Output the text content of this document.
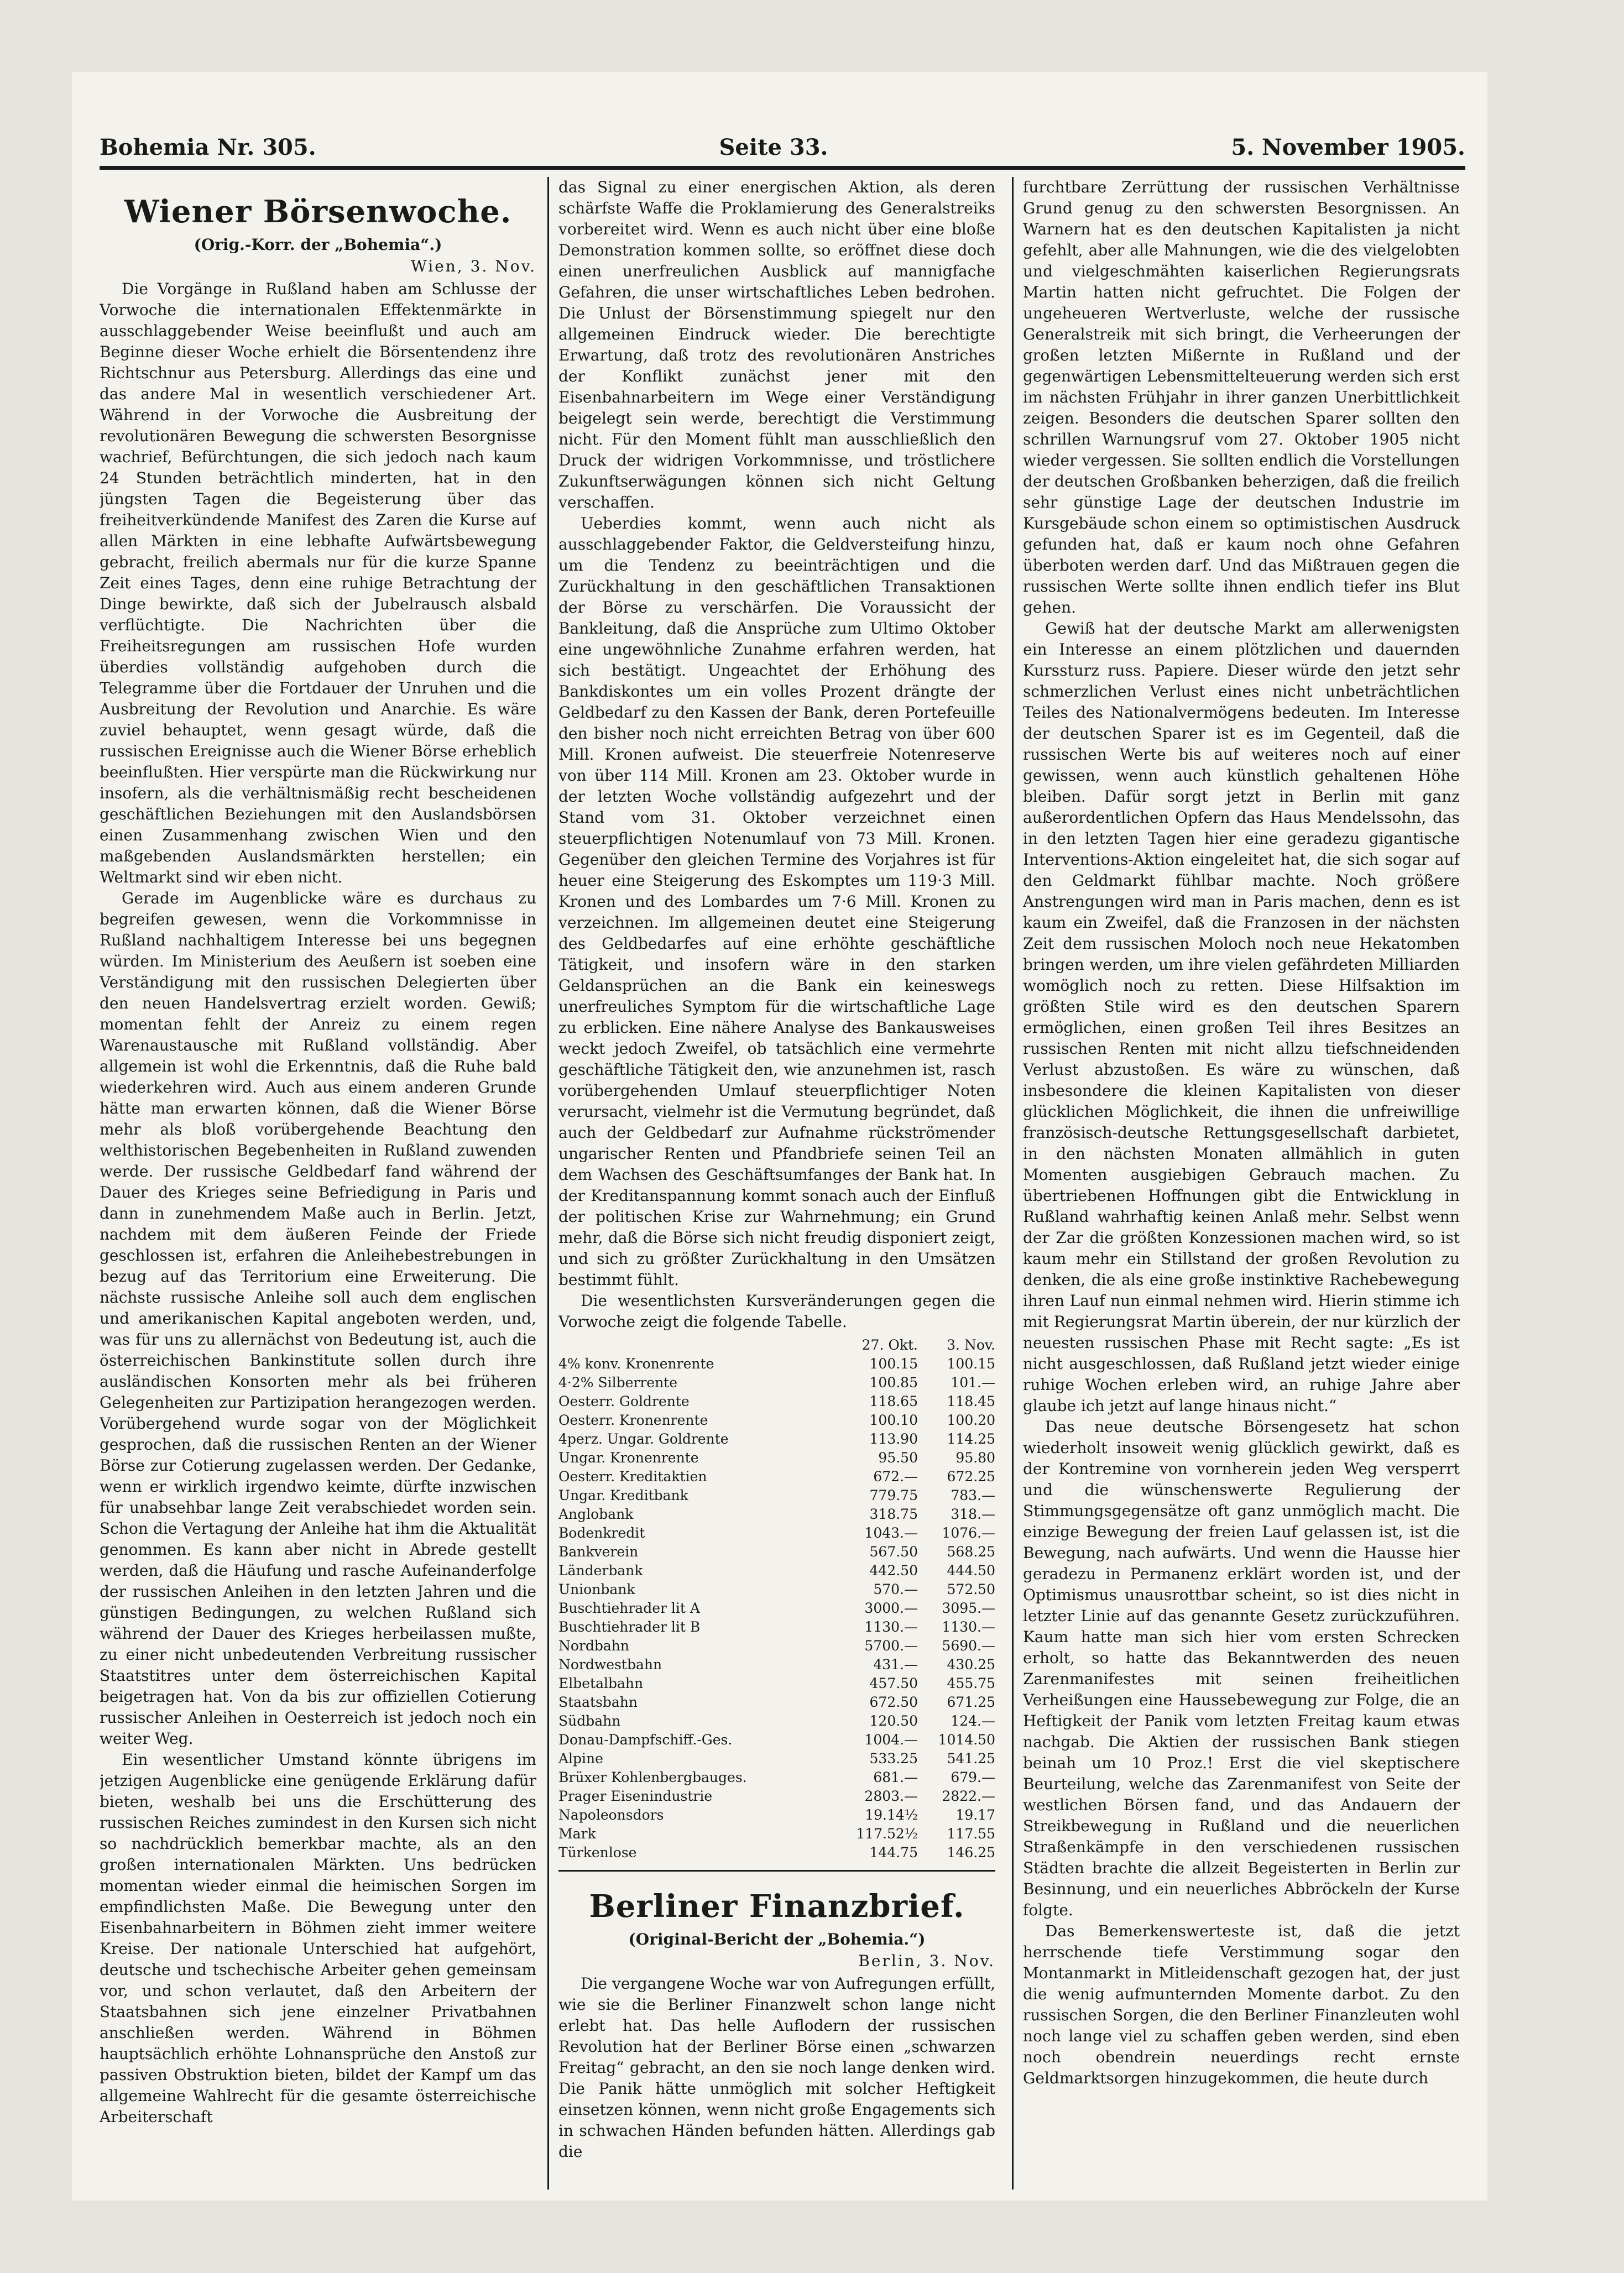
Bohemia Nr. 305.	Seite 33.	5. November 1905.
Wiener Börsenwoche.
(Orig.-Korr. der „Bohemia“.)
Wien, 3. Nov.

Die Vorgänge in Rußland haben am Schlusse der Vorwoche die internationalen Effektenmärkte in ausschlaggebender Weise beeinflußt und auch am Beginne dieser Woche erhielt die Börsentendenz ihre Richtschnur aus Petersburg. Allerdings das eine und das andere Mal in wesentlich verschiedener Art. Während in der Vorwoche die Ausbreitung der revolutionären Bewegung die schwersten Besorgnisse wachrief, Befürchtungen, die sich jedoch nach kaum 24 Stunden beträchtlich minderten, hat in den jüngsten Tagen die Begeisterung über das freiheitverkündende Manifest des Zaren die Kurse auf allen Märkten in eine lebhafte Aufwärtsbewegung gebracht, freilich abermals nur für die kurze Spanne Zeit eines Tages, denn eine ruhige Betrachtung der Dinge bewirkte, daß sich der Jubelrausch alsbald verflüchtigte. Die Nachrichten über die Freiheitsregungen am russischen Hofe wurden überdies vollständig aufgehoben durch die Telegramme über die Fortdauer der Unruhen und die Ausbreitung der Revolution und Anarchie. Es wäre zuviel behauptet, wenn gesagt würde, daß die russischen Ereignisse auch die Wiener Börse erheblich beeinflußten. Hier verspürte man die Rückwirkung nur insofern, als die verhältnismäßig recht bescheidenen geschäftlichen Beziehungen mit den Auslandsbörsen einen Zusammenhang zwischen Wien und den maßgebenden Auslandsmärkten herstellen; ein Weltmarkt sind wir eben nicht.

Gerade im Augenblicke wäre es durchaus zu begreifen gewesen, wenn die Vorkommnisse in Rußland nachhaltigem Interesse bei uns begegnen würden. Im Ministerium des Aeußern ist soeben eine Verständigung mit den russischen Delegierten über den neuen Handelsvertrag erzielt worden. Gewiß; momentan fehlt der Anreiz zu einem regen Warenaustausche mit Rußland vollständig. Aber allgemein ist wohl die Erkenntnis, daß die Ruhe bald wiederkehren wird. Auch aus einem anderen Grunde hätte man erwarten können, daß die Wiener Börse mehr als bloß vorübergehende Beachtung den welthistorischen Begebenheiten in Rußland zuwenden werde. Der russische Geldbedarf fand während der Dauer des Krieges seine Befriedigung in Paris und dann in zunehmendem Maße auch in Berlin. Jetzt, nachdem mit dem äußeren Feinde der Friede geschlossen ist, erfahren die Anleihebestrebungen in bezug auf das Territorium eine Erweiterung. Die nächste russische Anleihe soll auch dem englischen und amerikanischen Kapital angeboten werden, und, was für uns zu allernächst von Bedeutung ist, auch die österreichischen Bankinstitute sollen durch ihre ausländischen Konsorten mehr als bei früheren Gelegenheiten zur Partizipation herangezogen werden. Vorübergehend wurde sogar von der Möglichkeit gesprochen, daß die russischen Renten an der Wiener Börse zur Cotierung zugelassen werden. Der Gedanke, wenn er wirklich irgendwo keimte, dürfte inzwischen für unabsehbar lange Zeit verabschiedet worden sein. Schon die Vertagung der Anleihe hat ihm die Aktualität genommen. Es kann aber nicht in Abrede gestellt werden, daß die Häufung und rasche Aufeinanderfolge der russischen Anleihen in den letzten Jahren und die günstigen Bedingungen, zu welchen Rußland sich während der Dauer des Krieges herbeilassen mußte, zu einer nicht unbedeutenden Verbreitung russischer Staatstitres unter dem österreichischen Kapital beigetragen hat. Von da bis zur offiziellen Cotierung russischer Anleihen in Oesterreich ist jedoch noch ein weiter Weg.

Ein wesentlicher Umstand könnte übrigens im jetzigen Augenblicke eine genügende Erklärung dafür bieten, weshalb bei uns die Erschütterung des russischen Reiches zumindest in den Kursen sich nicht so nachdrücklich bemerkbar machte, als an den großen internationalen Märkten. Uns bedrücken momentan wieder einmal die heimischen Sorgen im empfindlichsten Maße. Die Bewegung unter den Eisenbahnarbeitern in Böhmen zieht immer weitere Kreise. Der nationale Unterschied hat aufgehört, deutsche und tschechische Arbeiter gehen gemeinsam vor, und schon verlautet, daß den Arbeitern der Staatsbahnen sich jene einzelner Privatbahnen anschließen werden. Während in Böhmen hauptsächlich erhöhte Lohnansprüche den Anstoß zur passiven Obstruktion bieten, bildet der Kampf um das allgemeine Wahlrecht für die gesamte österreichische Arbeiterschaft

das Signal zu einer energischen Aktion, als deren schärfste Waffe die Proklamierung des Generalstreiks vorbereitet wird. Wenn es auch nicht über eine bloße Demonstration kommen sollte, so eröffnet diese doch einen unerfreulichen Ausblick auf mannigfache Gefahren, die unser wirtschaftliches Leben bedrohen. Die Unlust der Börsenstimmung spiegelt nur den allgemeinen Eindruck wieder. Die berechtigte Erwartung, daß trotz des revolutionären Anstriches der Konflikt zunächst jener mit den Eisenbahnarbeitern im Wege einer Verständigung beigelegt sein werde, berechtigt die Verstimmung nicht. Für den Moment fühlt man ausschließlich den Druck der widrigen Vorkommnisse, und tröstlichere Zukunftserwägungen können sich nicht Geltung verschaffen.

Ueberdies kommt, wenn auch nicht als ausschlaggebender Faktor, die Geldversteifung hinzu, um die Tendenz zu beeinträchtigen und die Zurückhaltung in den geschäftlichen Transaktionen der Börse zu verschärfen. Die Voraussicht der Bankleitung, daß die Ansprüche zum Ultimo Oktober eine ungewöhnliche Zunahme erfahren werden, hat sich bestätigt. Ungeachtet der Erhöhung des Bankdiskontes um ein volles Prozent drängte der Geldbedarf zu den Kassen der Bank, deren Portefeuille den bisher noch nicht erreichten Betrag von über 600 Mill. Kronen aufweist. Die steuerfreie Notenreserve von über 114 Mill. Kronen am 23. Oktober wurde in der letzten Woche vollständig aufgezehrt und der Stand vom 31. Oktober verzeichnet einen steuerpflichtigen Notenumlauf von 73 Mill. Kronen. Gegenüber den gleichen Termine des Vorjahres ist für heuer eine Steigerung des Eskomptes um 119·3 Mill. Kronen und des Lombardes um 7·6 Mill. Kronen zu verzeichnen. Im allgemeinen deutet eine Steigerung des Geldbedarfes auf eine erhöhte geschäftliche Tätigkeit, und insofern wäre in den starken Geldansprüchen an die Bank ein keineswegs unerfreuliches Symptom für die wirtschaftliche Lage zu erblicken. Eine nähere Analyse des Bankausweises weckt jedoch Zweifel, ob tatsächlich eine vermehrte geschäftliche Tätigkeit den, wie anzunehmen ist, rasch vorübergehenden Umlauf steuerpflichtiger Noten verursacht, vielmehr ist die Vermutung begründet, daß auch der Geldbedarf zur Aufnahme rückströmender ungarischer Renten und Pfandbriefe seinen Teil an dem Wachsen des Geschäftsumfanges der Bank hat. In der Kreditanspannung kommt sonach auch der Einfluß der politischen Krise zur Wahrnehmung; ein Grund mehr, daß die Börse sich nicht freudig disponiert zeigt, und sich zu größter Zurückhaltung in den Umsätzen bestimmt fühlt.

Die wesentlichsten Kursveränderungen gegen die Vorwoche zeigt die folgende Tabelle.

	27. Okt.	3. Nov.
4% konv. Kronenrente	100.15	100.15
4·2% Silberrente	100.85	101.—
Oesterr. Goldrente	118.65	118.45
Oesterr. Kronenrente	100.10	100.20
4perz. Ungar. Goldrente	113.90	114.25
Ungar. Kronenrente	95.50	95.80
Oesterr. Kreditaktien	672.—	672.25
Ungar. Kreditbank	779.75	783.—
Anglobank	318.75	318.—
Bodenkredit	1043.—	1076.—
Bankverein	567.50	568.25
Länderbank	442.50	444.50
Unionbank	570.—	572.50
Buschtiehrader lit A	3000.—	3095.—
Buschtiehrader lit B	1130.—	1130.—
Nordbahn	5700.—	5690.—
Nordwestbahn	431.—	430.25
Elbetalbahn	457.50	455.75
Staatsbahn	672.50	671.25
Südbahn	120.50	124.—
Donau-Dampfschiff.-Ges.	1004.—	1014.50
Alpine	533.25	541.25
Brüxer Kohlenbergbauges.	681.—	679.—
Prager Eisenindustrie	2803.—	2822.—
Napoleonsdors	19.14½	19.17
Mark	117.52½	117.55
Türkenlose	144.75	146.25
Berliner Finanzbrief.
(Original-Bericht der „Bohemia.“)
Berlin, 3. Nov.

Die vergangene Woche war von Aufregungen erfüllt, wie sie die Berliner Finanzwelt schon lange nicht erlebt hat. Das helle Auflodern der russischen Revolution hat der Berliner Börse einen „schwarzen Freitag“ gebracht, an den sie noch lange denken wird. Die Panik hätte unmöglich mit solcher Heftigkeit einsetzen können, wenn nicht große Engagements sich in schwachen Händen befunden hätten. Allerdings gab die

furchtbare Zerrüttung der russischen Verhältnisse Grund genug zu den schwersten Besorgnissen. An Warnern hat es den deutschen Kapitalisten ja nicht gefehlt, aber alle Mahnungen, wie die des vielgelobten und vielgeschmähten kaiserlichen Regierungsrats Martin hatten nicht gefruchtet. Die Folgen der ungeheueren Wertverluste, welche der russische Generalstreik mit sich bringt, die Verheerungen der großen letzten Mißernte in Rußland und der gegenwärtigen Lebensmittelteuerung werden sich erst im nächsten Frühjahr in ihrer ganzen Unerbittlichkeit zeigen. Besonders die deutschen Sparer sollten den schrillen Warnungsruf vom 27. Oktober 1905 nicht wieder vergessen. Sie sollten endlich die Vorstellungen der deutschen Großbanken beherzigen, daß die freilich sehr günstige Lage der deutschen Industrie im Kursgebäude schon einem so optimistischen Ausdruck gefunden hat, daß er kaum noch ohne Gefahren überboten werden darf. Und das Mißtrauen gegen die russischen Werte sollte ihnen endlich tiefer ins Blut gehen.

Gewiß hat der deutsche Markt am allerwenigsten ein Interesse an einem plötzlichen und dauernden Kurssturz russ. Papiere. Dieser würde den jetzt sehr schmerzlichen Verlust eines nicht unbeträchtlichen Teiles des Nationalvermögens bedeuten. Im Interesse der deutschen Sparer ist es im Gegenteil, daß die russischen Werte bis auf weiteres noch auf einer gewissen, wenn auch künstlich gehaltenen Höhe bleiben. Dafür sorgt jetzt in Berlin mit ganz außerordentlichen Opfern das Haus Mendelssohn, das in den letzten Tagen hier eine geradezu gigantische Interventions-Aktion eingeleitet hat, die sich sogar auf den Geldmarkt fühlbar machte. Noch größere Anstrengungen wird man in Paris machen, denn es ist kaum ein Zweifel, daß die Franzosen in der nächsten Zeit dem russischen Moloch noch neue Hekatomben bringen werden, um ihre vielen gefährdeten Milliarden womöglich noch zu retten. Diese Hilfsaktion im größten Stile wird es den deutschen Sparern ermöglichen, einen großen Teil ihres Besitzes an russischen Renten mit nicht allzu tiefschneidenden Verlust abzustoßen. Es wäre zu wünschen, daß insbesondere die kleinen Kapitalisten von dieser glücklichen Möglichkeit, die ihnen die unfreiwillige französisch-deutsche Rettungsgesellschaft darbietet, in den nächsten Monaten allmählich in guten Momenten ausgiebigen Gebrauch machen. Zu übertriebenen Hoffnungen gibt die Entwicklung in Rußland wahrhaftig keinen Anlaß mehr. Selbst wenn der Zar die größten Konzessionen machen wird, so ist kaum mehr ein Stillstand der großen Revolution zu denken, die als eine große instinktive Rachebewegung ihren Lauf nun einmal nehmen wird. Hierin stimme ich mit Regierungsrat Martin überein, der nur kürzlich der neuesten russischen Phase mit Recht sagte: „Es ist nicht ausgeschlossen, daß Rußland jetzt wieder einige ruhige Wochen erleben wird, an ruhige Jahre aber glaube ich jetzt auf lange hinaus nicht.“

Das neue deutsche Börsengesetz hat schon wiederholt insoweit wenig glücklich gewirkt, daß es der Kontremine von vornherein jeden Weg versperrt und die wünschenswerte Regulierung der Stimmungsgegensätze oft ganz unmöglich macht. Die einzige Bewegung der freien Lauf gelassen ist, ist die Bewegung, nach aufwärts. Und wenn die Hausse hier geradezu in Permanenz erklärt worden ist, und der Optimismus unausrottbar scheint, so ist dies nicht in letzter Linie auf das genannte Gesetz zurückzuführen. Kaum hatte man sich hier vom ersten Schrecken erholt, so hatte das Bekanntwerden des neuen Zarenmanifestes mit seinen freiheitlichen Verheißungen eine Haussebewegung zur Folge, die an Heftigkeit der Panik vom letzten Freitag kaum etwas nachgab. Die Aktien der russischen Bank stiegen beinah um 10 Proz.! Erst die viel skeptischere Beurteilung, welche das Zarenmanifest von Seite der westlichen Börsen fand, und das Andauern der Streikbewegung in Rußland und die neuerlichen Straßenkämpfe in den verschiedenen russischen Städten brachte die allzeit Begeisterten in Berlin zur Besinnung, und ein neuerliches Abbröckeln der Kurse folgte.

Das Bemerkenswerteste ist, daß die jetzt herrschende tiefe Verstimmung sogar den Montanmarkt in Mitleidenschaft gezogen hat, der just die wenig aufmunternden Momente darbot. Zu den russischen Sorgen, die den Berliner Finanzleuten wohl noch lange viel zu schaffen geben werden, sind eben noch obendrein neuerdings recht ernste Geldmarktsorgen hinzugekommen, die heute durch
